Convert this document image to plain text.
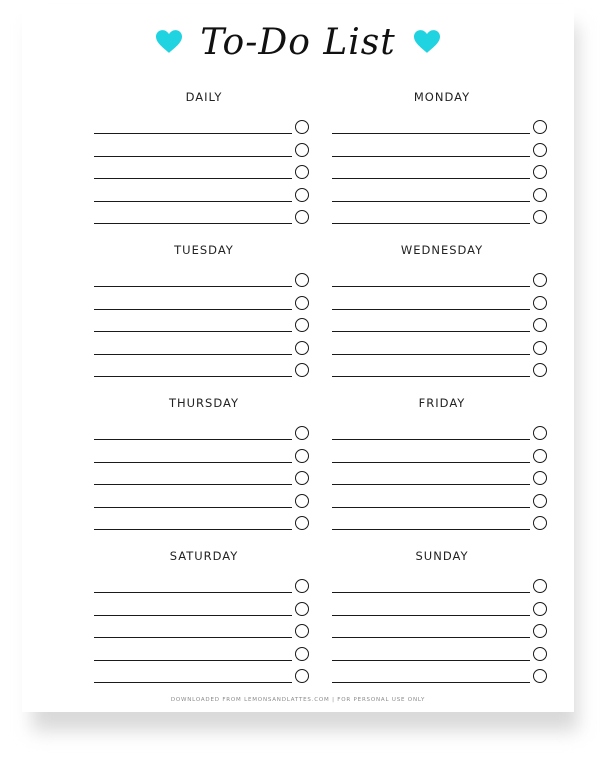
To-Do List
DAILY	MONDAY
TUESDAY	WEDNESDAY
THURSDAY	FRIDAY
SATURDAY	SUNDAY
DOWNLOADED FROM LEMONSANDLATTES.COM | FOR PERSONAL USE ONLY
